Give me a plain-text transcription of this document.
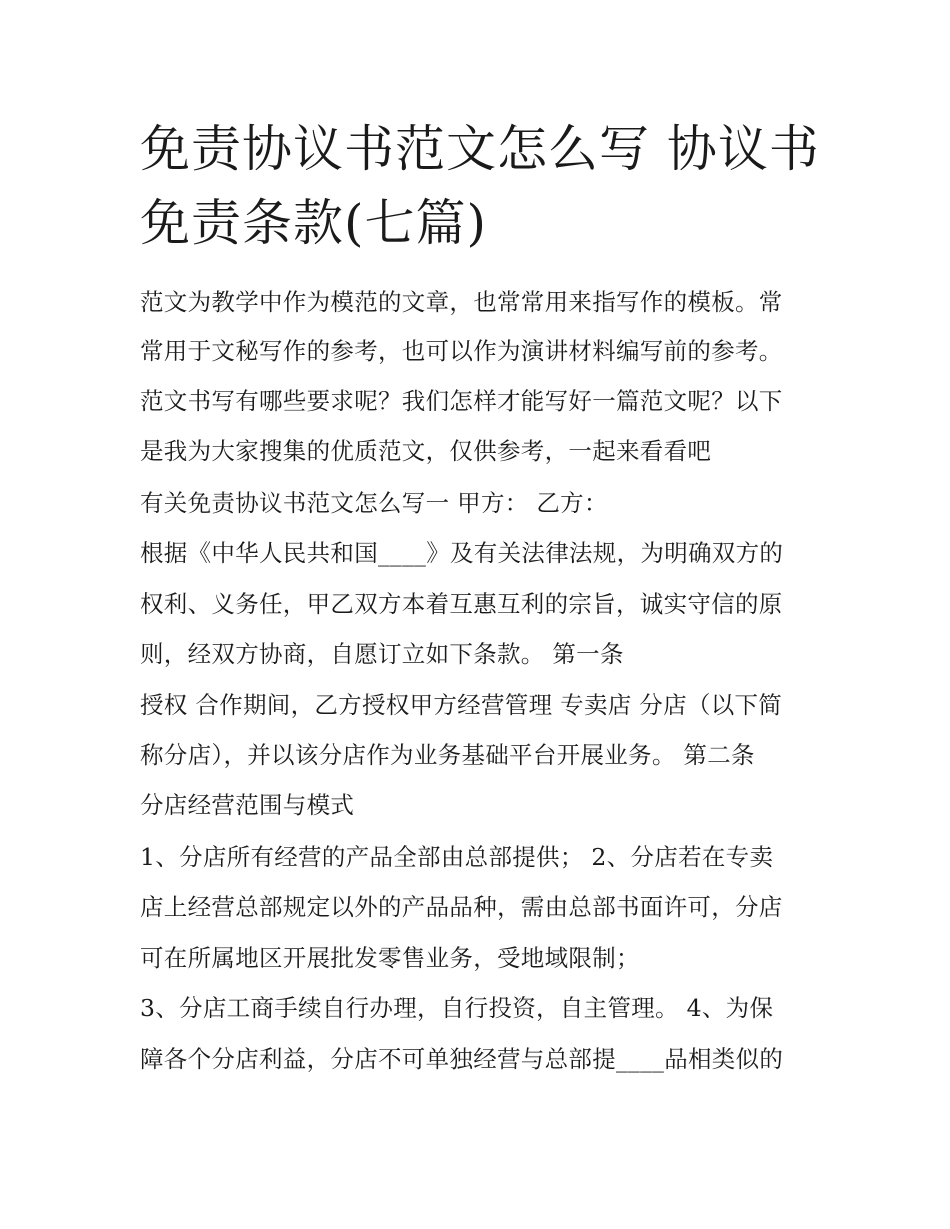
免责协议书范文怎么写 协议书
免责条款(七篇)

范文为教学中作为模范的文章，也常常用来指写作的模板。常

常用于文秘写作的参考，也可以作为演讲材料编写前的参考。

范文书写有哪些要求呢？我们怎样才能写好一篇范文呢？以下

是我为大家搜集的优质范文，仅供参考，一起来看看吧

有关免责协议书范文怎么写一 甲方： 乙方：

根据《中华人民共和国____》及有关法律法规，为明确双方的

权利、义务任，甲乙双方本着互惠互利的宗旨，诚实守信的原

则，经双方协商，自愿订立如下条款。 第一条

授权 合作期间，乙方授权甲方经营管理 专卖店 分店（以下简

称分店），并以该分店作为业务基础平台开展业务。 第二条

分店经营范围与模式

1、分店所有经营的产品全部由总部提供； 2、分店若在专卖

店上经营总部规定以外的产品品种，需由总部书面许可，分店

可在所属地区开展批发零售业务，受地域限制；

3、分店工商手续自行办理，自行投资，自主管理。 4、为保

障各个分店利益，分店不可单独经营与总部提____品相类似的
